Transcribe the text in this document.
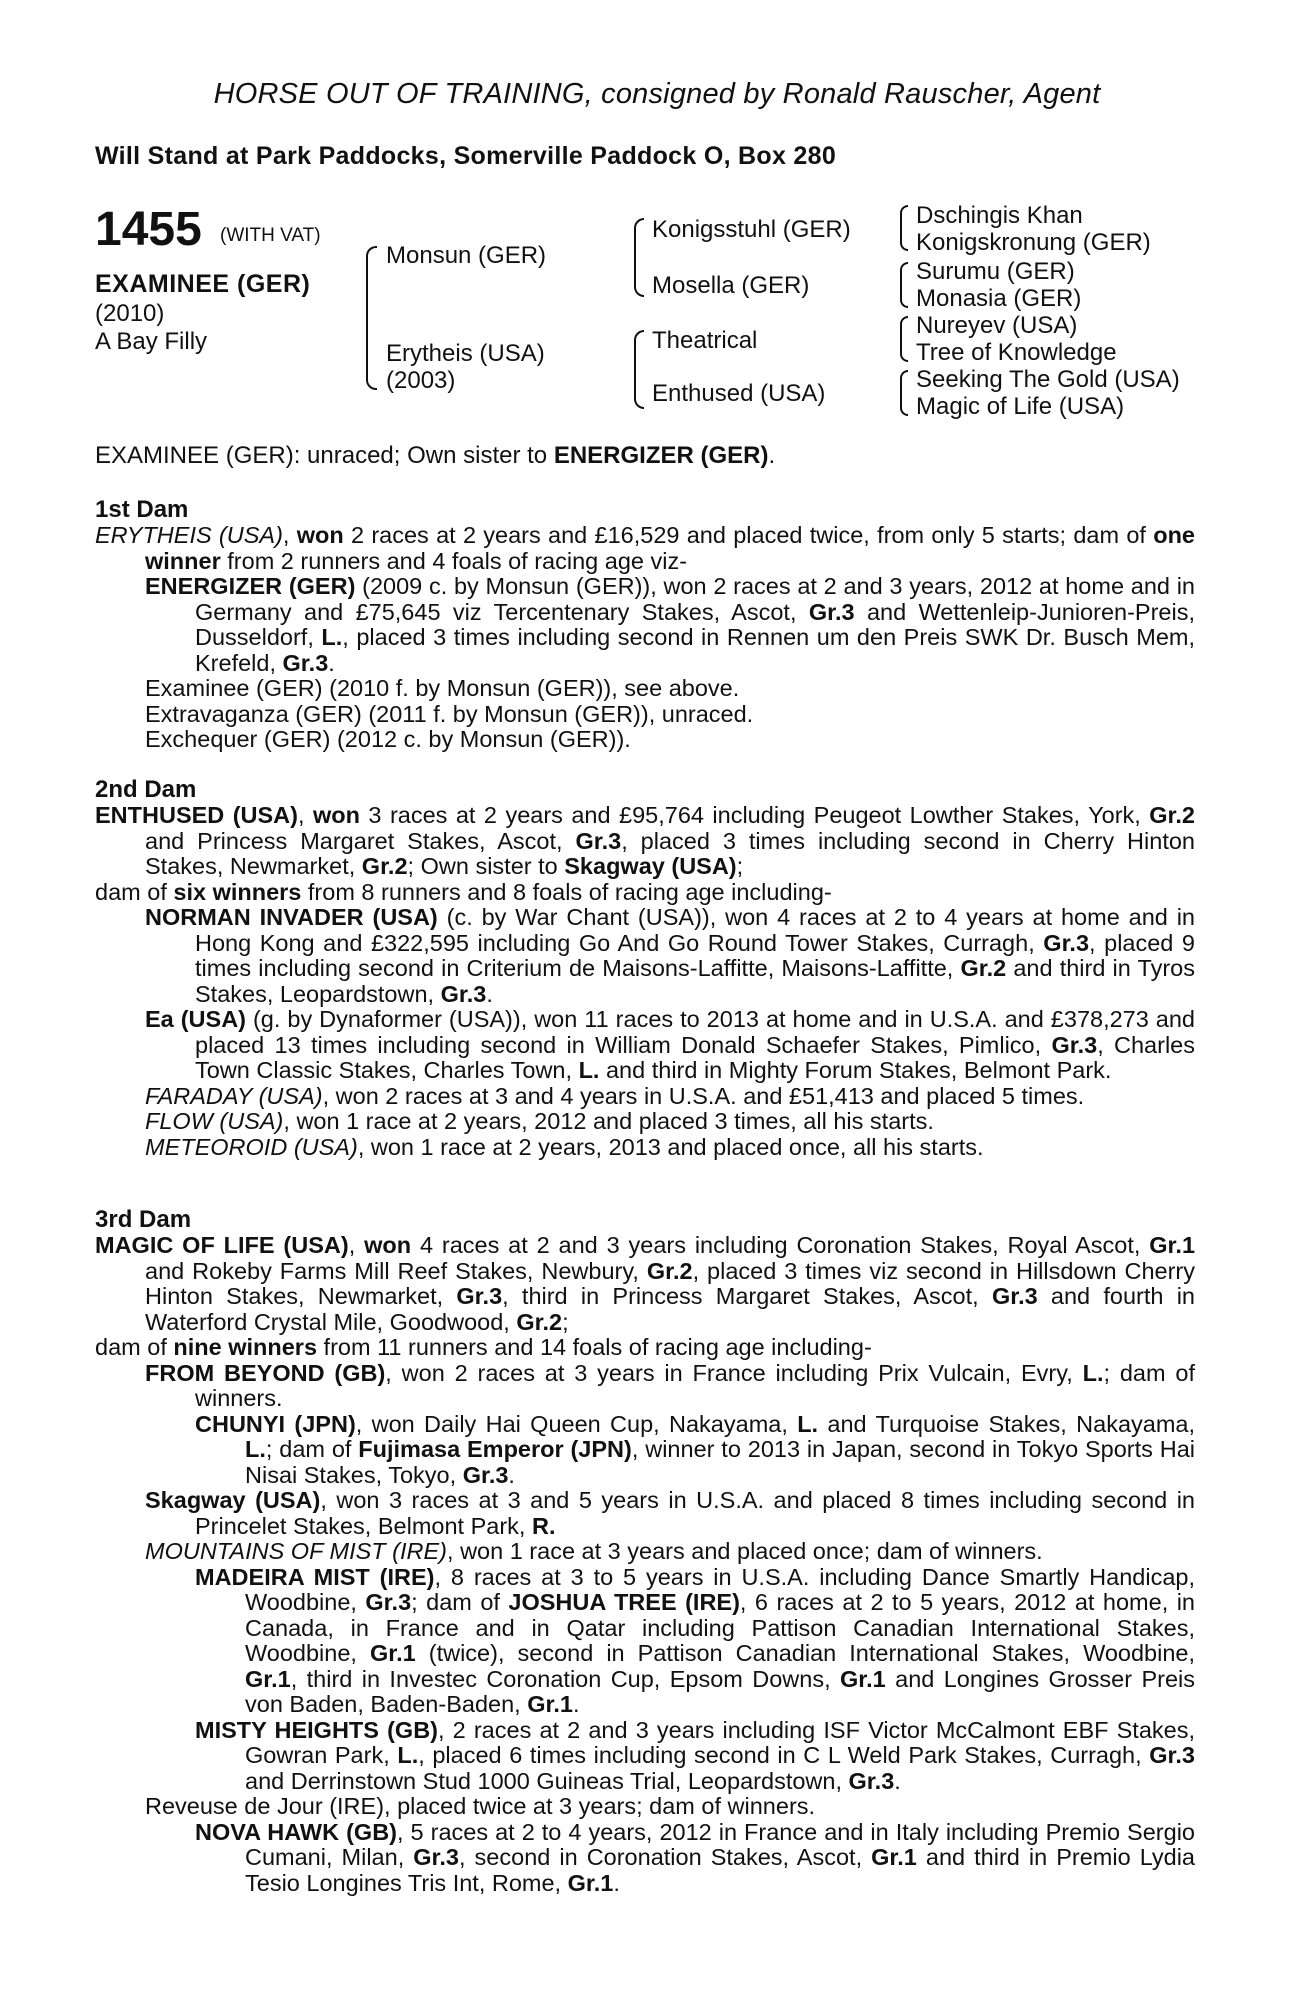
HORSE OUT OF TRAINING, consigned by Ronald Rauscher, Agent
Will Stand at Park Paddocks, Somerville Paddock O, Box 280
1455 (WITH VAT)
EXAMINEE (GER)
(2010)
A Bay Filly
Monsun (GER)
Erytheis (USA)
(2003)
Konigsstuhl (GER)
Mosella (GER)
Theatrical
Enthused (USA)
Dschingis Khan
Konigskronung (GER)
Surumu (GER)
Monasia (GER)
Nureyev (USA)
Tree of Knowledge
Seeking The Gold (USA)
Magic of Life (USA)
EXAMINEE (GER): unraced; Own sister to ENERGIZER (GER).
1st Dam
ERYTHEIS (USA), won 2 races at 2 years and £16,529 and placed twice, from only 5 starts; dam of one winner from 2 runners and 4 foals of racing age viz-
ENERGIZER (GER) (2009 c. by Monsun (GER)), won 2 races at 2 and 3 years, 2012 at home and in Germany and £75,645 viz Tercentenary Stakes, Ascot, Gr.3 and Wettenleip-Junioren-Preis, Dusseldorf, L., placed 3 times including second in Rennen um den Preis SWK Dr. Busch Mem, Krefeld, Gr.3.
Examinee (GER) (2010 f. by Monsun (GER)), see above.
Extravaganza (GER) (2011 f. by Monsun (GER)), unraced.
Exchequer (GER) (2012 c. by Monsun (GER)).
2nd Dam
ENTHUSED (USA), won 3 races at 2 years and £95,764 including Peugeot Lowther Stakes, York, Gr.2 and Princess Margaret Stakes, Ascot, Gr.3, placed 3 times including second in Cherry Hinton Stakes, Newmarket, Gr.2; Own sister to Skagway (USA);
dam of six winners from 8 runners and 8 foals of racing age including-
NORMAN INVADER (USA) (c. by War Chant (USA)), won 4 races at 2 to 4 years at home and in Hong Kong and £322,595 including Go And Go Round Tower Stakes, Curragh, Gr.3, placed 9 times including second in Criterium de Maisons-Laffitte, Maisons-Laffitte, Gr.2 and third in Tyros Stakes, Leopardstown, Gr.3.
Ea (USA) (g. by Dynaformer (USA)), won 11 races to 2013 at home and in U.S.A. and £378,273 and placed 13 times including second in William Donald Schaefer Stakes, Pimlico, Gr.3, Charles Town Classic Stakes, Charles Town, L. and third in Mighty Forum Stakes, Belmont Park.
FARADAY (USA), won 2 races at 3 and 4 years in U.S.A. and £51,413 and placed 5 times.
FLOW (USA), won 1 race at 2 years, 2012 and placed 3 times, all his starts.
METEOROID (USA), won 1 race at 2 years, 2013 and placed once, all his starts.
3rd Dam
MAGIC OF LIFE (USA), won 4 races at 2 and 3 years including Coronation Stakes, Royal Ascot, Gr.1 and Rokeby Farms Mill Reef Stakes, Newbury, Gr.2, placed 3 times viz second in Hillsdown Cherry Hinton Stakes, Newmarket, Gr.3, third in Princess Margaret Stakes, Ascot, Gr.3 and fourth in Waterford Crystal Mile, Goodwood, Gr.2;
dam of nine winners from 11 runners and 14 foals of racing age including-
FROM BEYOND (GB), won 2 races at 3 years in France including Prix Vulcain, Evry, L.; dam of winners.
CHUNYI (JPN), won Daily Hai Queen Cup, Nakayama, L. and Turquoise Stakes, Nakayama, L.; dam of Fujimasa Emperor (JPN), winner to 2013 in Japan, second in Tokyo Sports Hai Nisai Stakes, Tokyo, Gr.3.
Skagway (USA), won 3 races at 3 and 5 years in U.S.A. and placed 8 times including second in Princelet Stakes, Belmont Park, R.
MOUNTAINS OF MIST (IRE), won 1 race at 3 years and placed once; dam of winners.
MADEIRA MIST (IRE), 8 races at 3 to 5 years in U.S.A. including Dance Smartly Handicap, Woodbine, Gr.3; dam of JOSHUA TREE (IRE), 6 races at 2 to 5 years, 2012 at home, in Canada, in France and in Qatar including Pattison Canadian International Stakes, Woodbine, Gr.1 (twice), second in Pattison Canadian International Stakes, Woodbine, Gr.1, third in Investec Coronation Cup, Epsom Downs, Gr.1 and Longines Grosser Preis von Baden, Baden-Baden, Gr.1.
MISTY HEIGHTS (GB), 2 races at 2 and 3 years including ISF Victor McCalmont EBF Stakes, Gowran Park, L., placed 6 times including second in C L Weld Park Stakes, Curragh, Gr.3 and Derrinstown Stud 1000 Guineas Trial, Leopardstown, Gr.3.
Reveuse de Jour (IRE), placed twice at 3 years; dam of winners.
NOVA HAWK (GB), 5 races at 2 to 4 years, 2012 in France and in Italy including Premio Sergio Cumani, Milan, Gr.3, second in Coronation Stakes, Ascot, Gr.1 and third in Premio Lydia Tesio Longines Tris Int, Rome, Gr.1.
